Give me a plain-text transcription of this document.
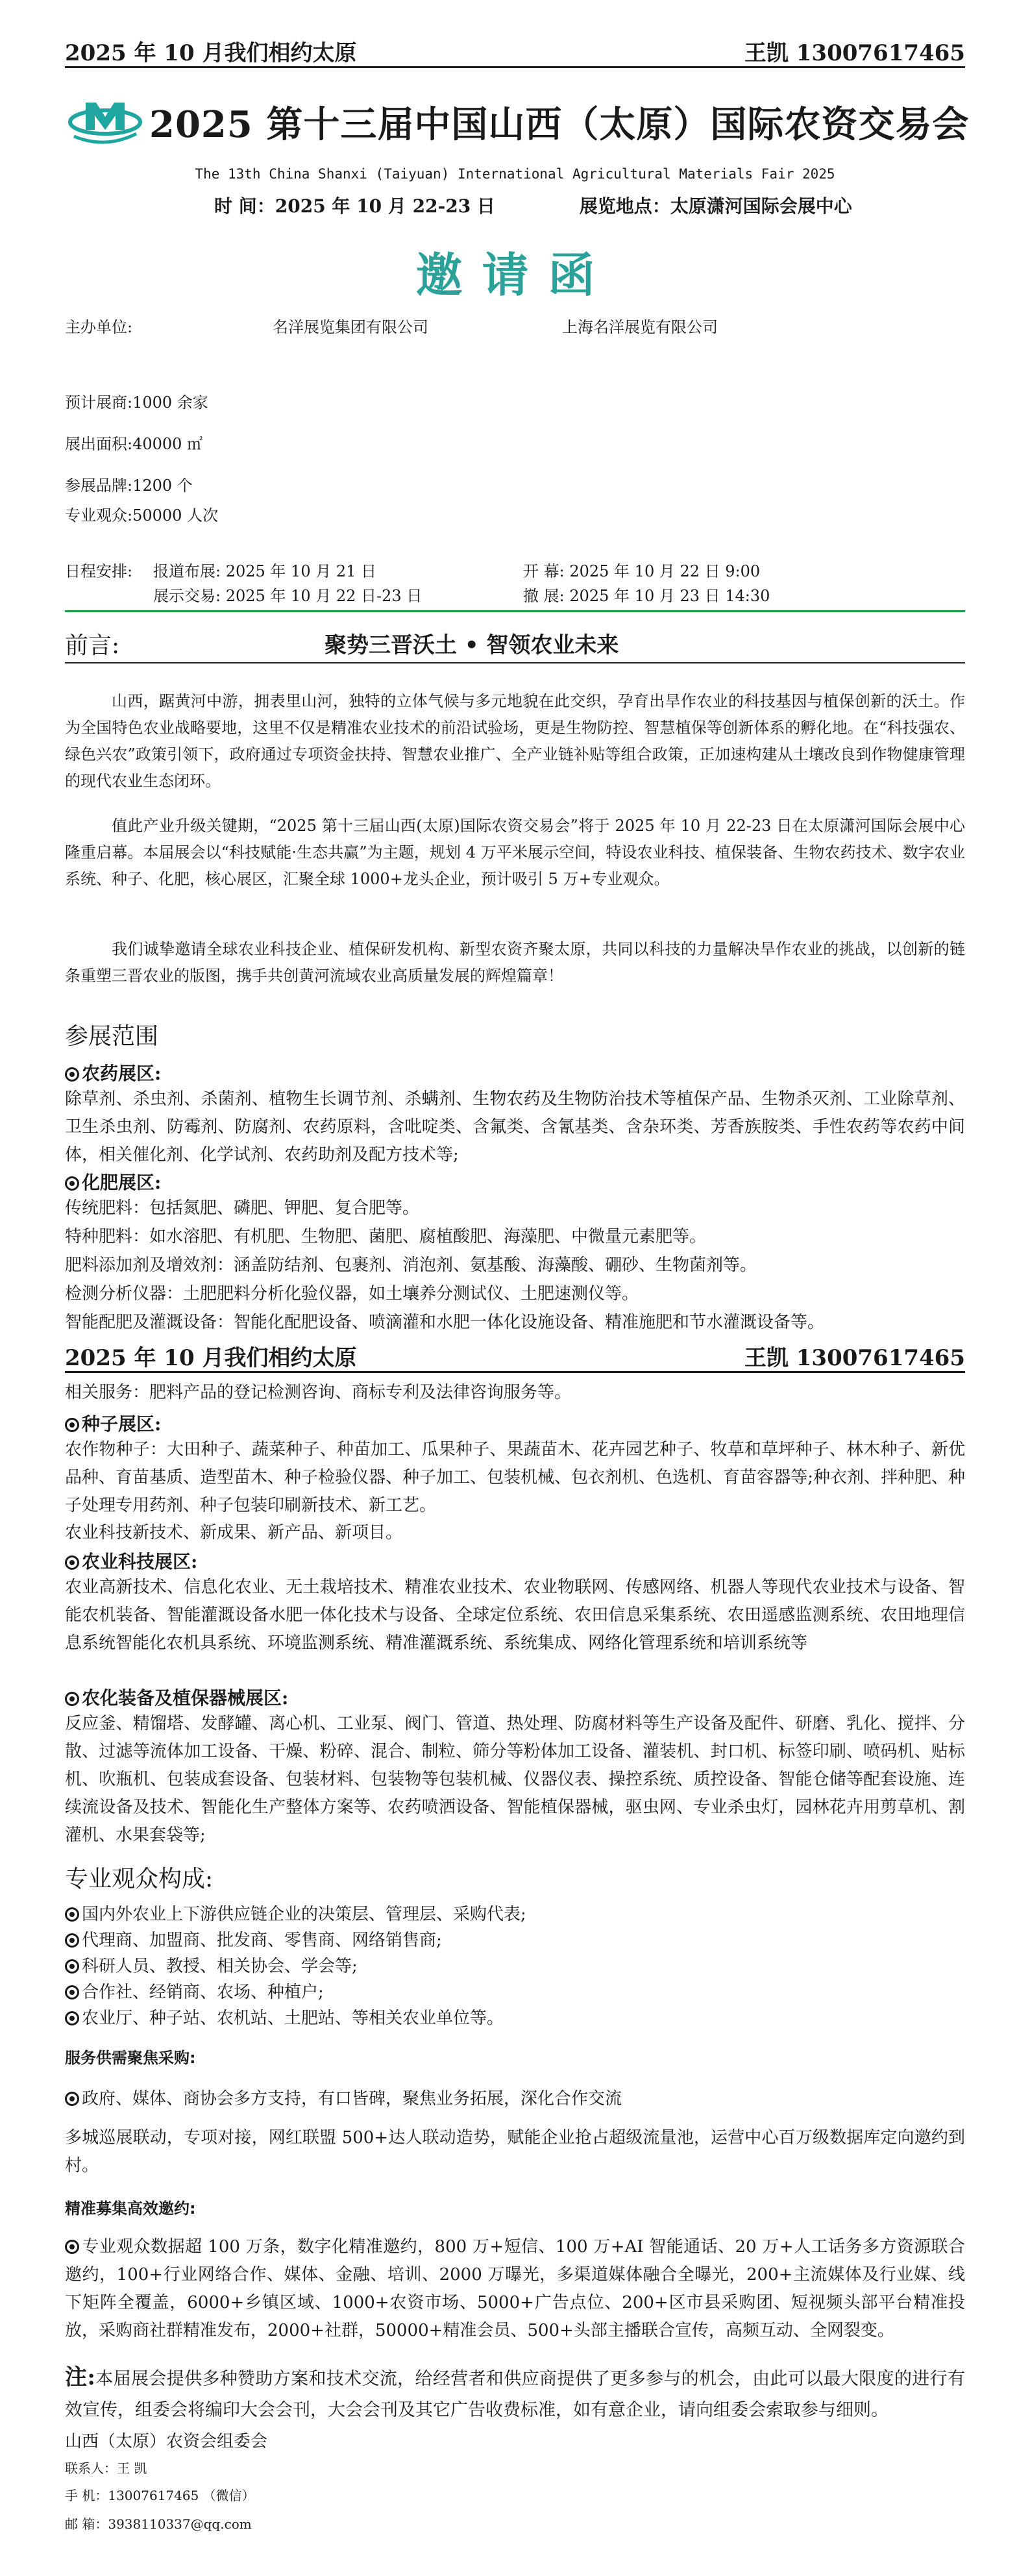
2025 年 10 月我们相约太原	王凯 13007617465
2025 第十三届中国山西（太原）国际农资交易会
The 13th China Shanxi (Taiyuan) International Agricultural Materials Fair 2025
时 间：2025 年 10 月 22-23 日	展览地点：太原潇河国际会展中心
邀请函
主办单位:	名洋展览集团有限公司	上海名洋展览有限公司
预计展商:1000 余家
展出面积:40000 ㎡
参展品牌:1200 个
专业观众:50000 人次
日程安排: 报道布展: 2025 年 10 月 21 日	开 幕: 2025 年 10 月 22 日 9:00
展示交易: 2025 年 10 月 22 日-23 日	撤 展: 2025 年 10 月 23 日 14:30
前言:	聚势三晋沃土 • 智领农业未来
山西，踞黄河中游，拥表里山河，独特的立体气候与多元地貌在此交织，孕育出旱作农业的科技基因与植保创新的沃土。作为全国特色农业战略要地，这里不仅是精准农业技术的前沿试验场，更是生物防控、智慧植保等创新体系的孵化地。在“科技强农、绿色兴农”政策引领下，政府通过专项资金扶持、智慧农业推广、全产业链补贴等组合政策，正加速构建从土壤改良到作物健康管理的现代农业生态闭环。
值此产业升级关键期，“2025 第十三届山西(太原)国际农资交易会”将于 2025 年 10 月 22-23 日在太原潇河国际会展中心隆重启幕。本届展会以“科技赋能·生态共赢”为主题，规划 4 万平米展示空间，特设农业科技、植保装备、生物农药技术、数字农业系统、种子、化肥，核心展区，汇聚全球 1000+龙头企业，预计吸引 5 万+专业观众。
我们诚挚邀请全球农业科技企业、植保研发机构、新型农资齐聚太原，共同以科技的力量解决旱作农业的挑战，以创新的链条重塑三晋农业的版图，携手共创黄河流域农业高质量发展的辉煌篇章！
参展范围
农药展区:
除草剂、杀虫剂、杀菌剂、植物生长调节剂、杀螨剂、生物农药及生物防治技术等植保产品、生物杀灭剂、工业除草剂、卫生杀虫剂、防霉剂、防腐剂、农药原料，含吡啶类、含氟类、含氰基类、含杂环类、芳香族胺类、手性农药等农药中间体，相关催化剂、化学试剂、农药助剂及配方技术等;
化肥展区:
传统肥料：包括氮肥、磷肥、钾肥、复合肥等。
特种肥料：如水溶肥、有机肥、生物肥、菌肥、腐植酸肥、海藻肥、中微量元素肥等。
肥料添加剂及增效剂：涵盖防结剂、包裹剂、消泡剂、氨基酸、海藻酸、硼砂、生物菌剂等。
检测分析仪器：土肥肥料分析化验仪器，如土壤养分测试仪、土肥速测仪等。
智能配肥及灌溉设备：智能化配肥设备、喷滴灌和水肥一体化设施设备、精准施肥和节水灌溉设备等。
2025 年 10 月我们相约太原	王凯 13007617465
相关服务：肥料产品的登记检测咨询、商标专利及法律咨询服务等。
种子展区:
农作物种子：大田种子、蔬菜种子、种苗加工、瓜果种子、果蔬苗木、花卉园艺种子、牧草和草坪种子、林木种子、新优品种、育苗基质、造型苗木、种子检验仪器、种子加工、包装机械、包衣剂机、色选机、育苗容器等;种衣剂、拌种肥、种子处理专用药剂、种子包装印刷新技术、新工艺。
农业科技新技术、新成果、新产品、新项目。
农业科技展区:
农业高新技术、信息化农业、无土栽培技术、精准农业技术、农业物联网、传感网络、机器人等现代农业技术与设备、智能农机装备、智能灌溉设备水肥一体化技术与设备、全球定位系统、农田信息采集系统、农田遥感监测系统、农田地理信息系统智能化农机具系统、环境监测系统、精准灌溉系统、系统集成、网络化管理系统和培训系统等
农化装备及植保器械展区:
反应釜、精馏塔、发酵罐、离心机、工业泵、阀门、管道、热处理、防腐材料等生产设备及配件、研磨、乳化、搅拌、分散、过滤等流体加工设备、干燥、粉碎、混合、制粒、筛分等粉体加工设备、灌装机、封口机、标签印刷、喷码机、贴标机、吹瓶机、包装成套设备、包装材料、包装物等包装机械、仪器仪表、操控系统、质控设备、智能仓储等配套设施、连续流设备及技术、智能化生产整体方案等、农药喷洒设备、智能植保器械，驱虫网、专业杀虫灯，园林花卉用剪草机、割灌机、水果套袋等;
专业观众构成:
国内外农业上下游供应链企业的决策层、管理层、采购代表;
代理商、加盟商、批发商、零售商、网络销售商;
科研人员、教授、相关协会、学会等;
合作社、经销商、农场、种植户;
农业厅、种子站、农机站、土肥站、等相关农业单位等。
服务供需聚焦采购:
政府、媒体、商协会多方支持，有口皆碑，聚焦业务拓展，深化合作交流
多城巡展联动，专项对接，网红联盟 500+达人联动造势，赋能企业抢占超级流量池，运营中心百万级数据库定向邀约到村。
精准募集高效邀约:
专业观众数据超 100 万条，数字化精准邀约，800 万+短信、100 万+AI 智能通话、20 万+人工话务多方资源联合邀约，100+行业网络合作、媒体、金融、培训、2000 万曝光，多渠道媒体融合全曝光，200+主流媒体及行业媒、线下矩阵全覆盖，6000+乡镇区域、1000+农资市场、5000+广告点位、200+区市县采购团、短视频头部平台精准投放，采购商社群精准发布，2000+社群，50000+精准会员、500+头部主播联合宣传，高频互动、全网裂变。
注:本届展会提供多种赞助方案和技术交流，给经营者和供应商提供了更多参与的机会，由此可以最大限度的进行有效宣传，组委会将编印大会会刊，大会会刊及其它广告收费标准，如有意企业，请向组委会索取参与细则。
山西（太原）农资会组委会
联系人：王 凯
手 机：13007617465 （微信）
邮 箱：3938110337@qq.com
